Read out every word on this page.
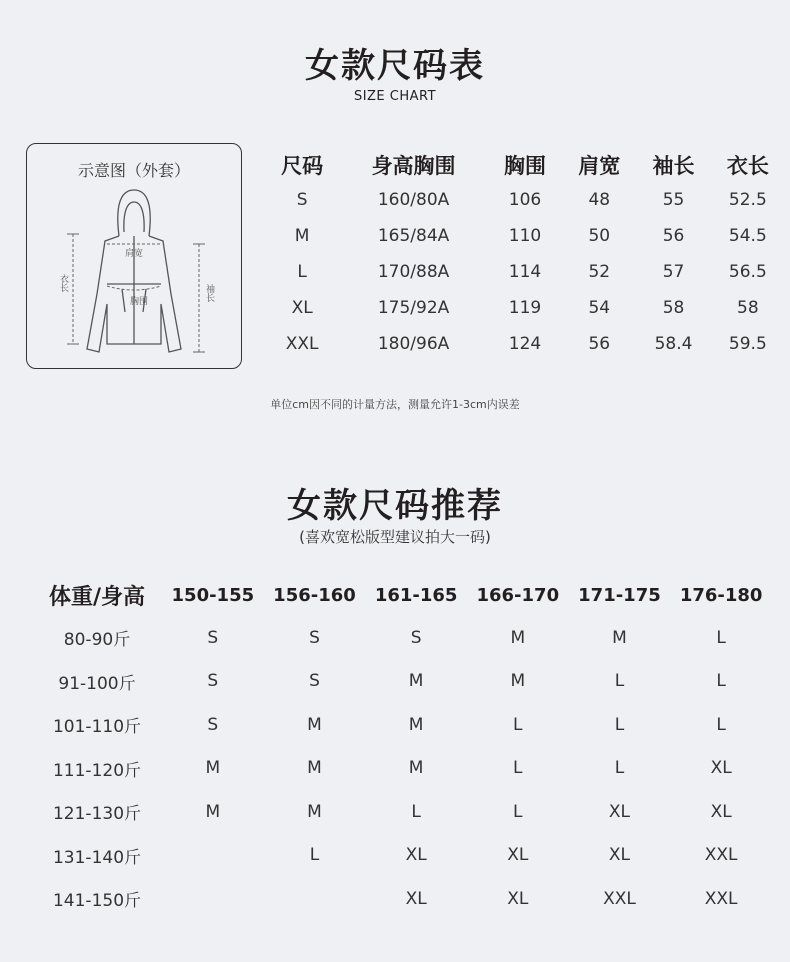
女款尺码表
SIZE CHART
示意图（外套）
肩宽
胸围
衣长
袖长
尺码	身高胸围	胸围	肩宽	袖长	衣长
S	160/80A	106	48	55	52.5
M	165/84A	110	50	56	54.5
L	170/88A	114	52	57	56.5
XL	175/92A	119	54	58	58
XXL	180/96A	124	56	58.4	59.5
单位cm因不同的计量方法，测量允许1-3cm内误差
女款尺码推荐
(喜欢宽松版型建议拍大一码)
体重/身高	150-155	156-160	161-165	166-170	171-175	176-180
80-90斤	S	S	S	M	M	L
91-100斤	S	S	M	M	L	L
101-110斤	S	M	M	L	L	L
111-120斤	M	M	M	L	L	XL
121-130斤	M	M	L	L	XL	XL
131-140斤		L	XL	XL	XL	XXL
141-150斤			XL	XL	XXL	XXL
